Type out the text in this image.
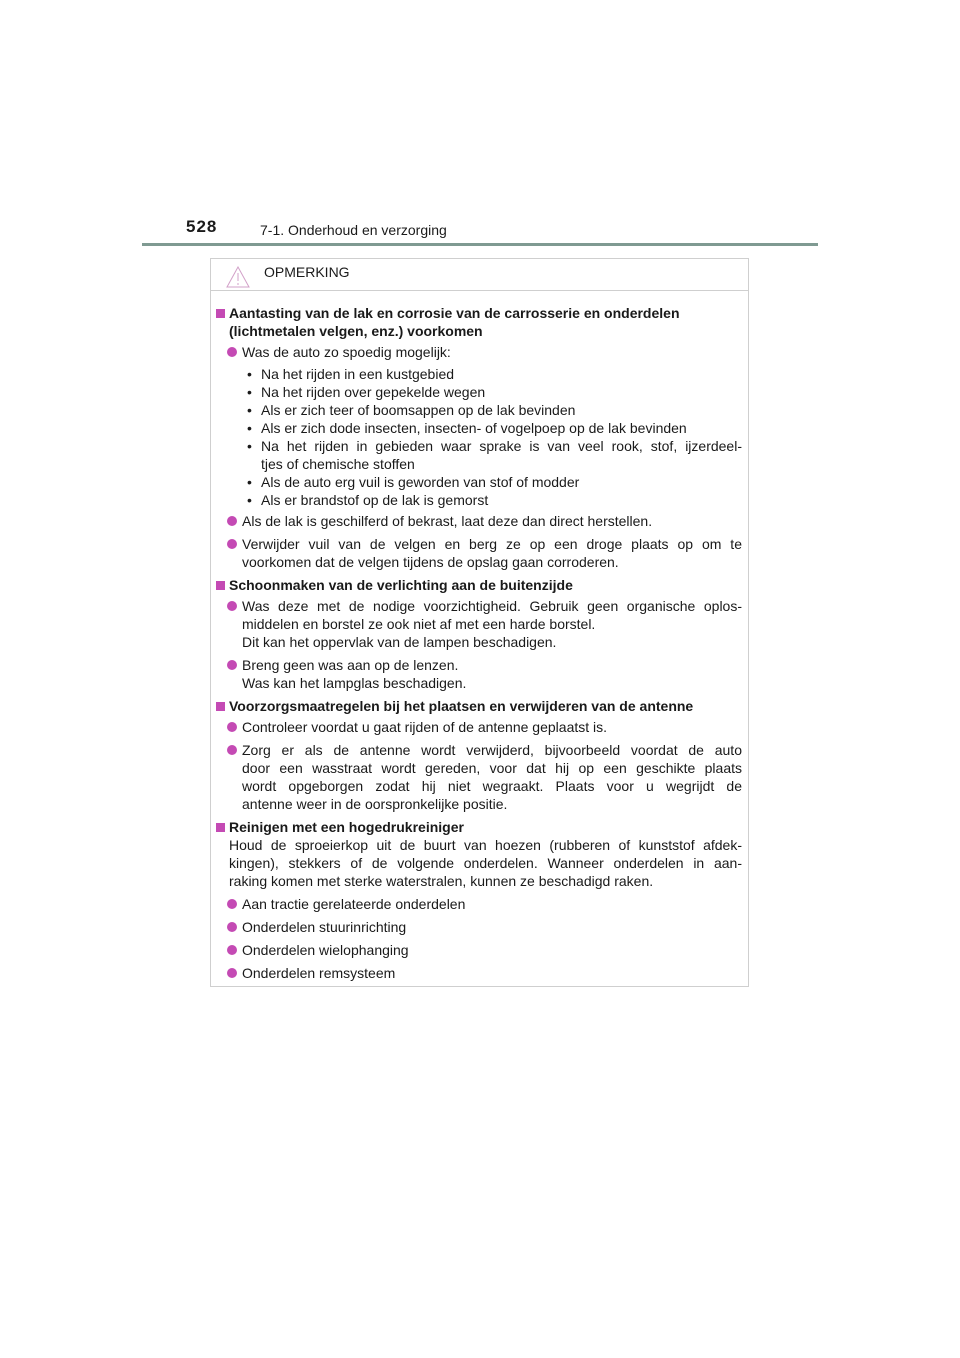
528	7-1. Onderhoud en verzorging
OPMERKING
Aantasting van de lak en corrosie van de carrosserie en onderdelen
(lichtmetalen velgen, enz.) voorkomen
Was de auto zo spoedig mogelijk:
• Na het rijden in een kustgebied
• Na het rijden over gepekelde wegen
• Als er zich teer of boomsappen op de lak bevinden
• Als er zich dode insecten, insecten- of vogelpoep op de lak bevinden
• Na het rijden in gebieden waar sprake is van veel rook, stof, ijzerdeel-
tjes of chemische stoffen
• Als de auto erg vuil is geworden van stof of modder
• Als er brandstof op de lak is gemorst
Als de lak is geschilferd of bekrast, laat deze dan direct herstellen.
Verwijder vuil van de velgen en berg ze op een droge plaats op om te
voorkomen dat de velgen tijdens de opslag gaan corroderen.
Schoonmaken van de verlichting aan de buitenzijde
Was deze met de nodige voorzichtigheid. Gebruik geen organische oplos-
middelen en borstel ze ook niet af met een harde borstel.
Dit kan het oppervlak van de lampen beschadigen.
Breng geen was aan op de lenzen.
Was kan het lampglas beschadigen.
Voorzorgsmaatregelen bij het plaatsen en verwijderen van de antenne
Controleer voordat u gaat rijden of de antenne geplaatst is.
Zorg er als de antenne wordt verwijderd, bijvoorbeeld voordat de auto
door een wasstraat wordt gereden, voor dat hij op een geschikte plaats
wordt opgeborgen zodat hij niet wegraakt. Plaats voor u wegrijdt de
antenne weer in de oorspronkelijke positie.
Reinigen met een hogedrukreiniger
Houd de sproeierkop uit de buurt van hoezen (rubberen of kunststof afdek-
kingen), stekkers of de volgende onderdelen. Wanneer onderdelen in aan-
raking komen met sterke waterstralen, kunnen ze beschadigd raken.
Aan tractie gerelateerde onderdelen
Onderdelen stuurinrichting
Onderdelen wielophanging
Onderdelen remsysteem
